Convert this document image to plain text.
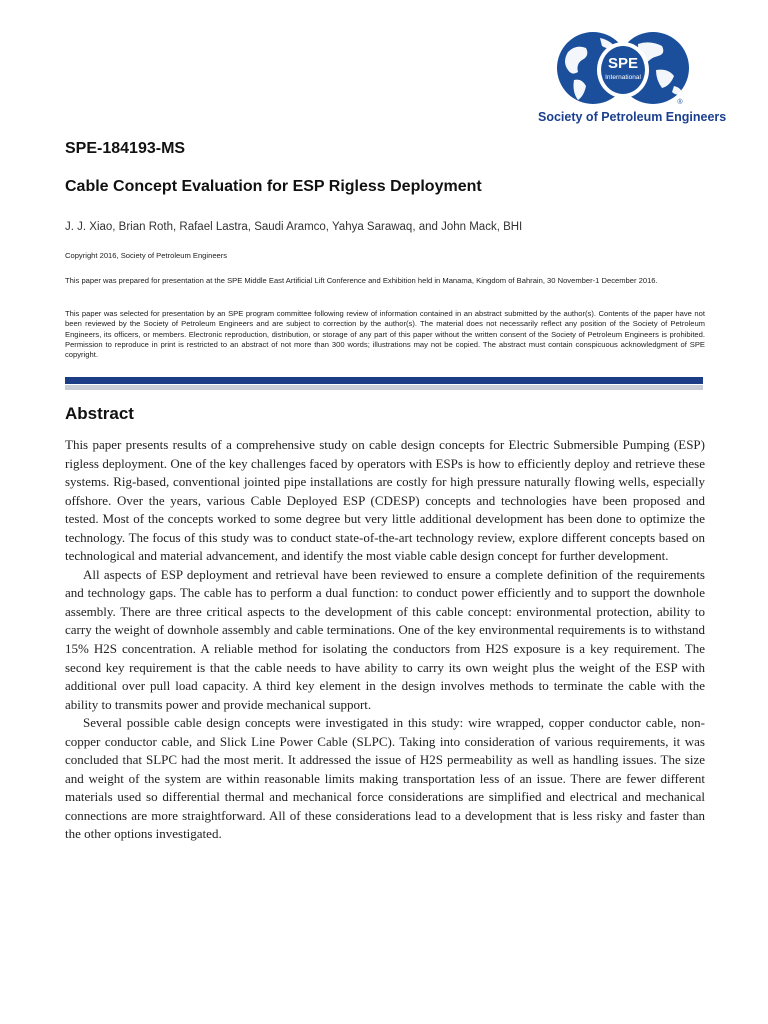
SPE
International
®
Society of Petroleum Engineers
SPE-184193-MS
Cable Concept Evaluation for ESP Rigless Deployment
J. J. Xiao, Brian Roth, Rafael Lastra, Saudi Aramco, Yahya Sarawaq, and John Mack, BHI
Copyright 2016, Society of Petroleum Engineers
This paper was prepared for presentation at the SPE Middle East Artificial Lift Conference and Exhibition held in Manama, Kingdom of Bahrain, 30 November-1 December 2016.
This paper was selected for presentation by an SPE program committee following review of information contained in an abstract submitted by the author(s). Contents of the paper have not been reviewed by the Society of Petroleum Engineers and are subject to correction by the author(s). The material does not necessarily reflect any position of the Society of Petroleum Engineers, its officers, or members. Electronic reproduction, distribution, or storage of any part of this paper without the written consent of the Society of Petroleum Engineers is prohibited. Permission to reproduce in print is restricted to an abstract of not more than 300 words; illustrations may not be copied. The abstract must contain conspicuous acknowledgment of SPE copyright.
Abstract

This paper presents results of a comprehensive study on cable design concepts for Electric Submersible Pumping (ESP) rigless deployment. One of the key challenges faced by operators with ESPs is how to efficiently deploy and retrieve these systems. Rig-based, conventional jointed pipe installations are costly for high pressure naturally flowing wells, especially offshore. Over the years, various Cable Deployed ESP (CDESP) concepts and technologies have been proposed and tested. Most of the concepts worked to some degree but very little additional development has been done to optimize the technology. The focus of this study was to conduct state-of-the-art technology review, explore different concepts based on technological and material advancement, and identify the most viable cable design concept for further development.

All aspects of ESP deployment and retrieval have been reviewed to ensure a complete definition of the requirements and technology gaps. The cable has to perform a dual function: to conduct power efficiently and to support the downhole assembly. There are three critical aspects to the development of this cable concept: environmental protection, ability to carry the weight of downhole assembly and cable terminations. One of the key environmental requirements is to withstand 15% H2S concentration. A reliable method for isolating the conductors from H2S exposure is a key requirement. The second key requirement is that the cable needs to have ability to carry its own weight plus the weight of the ESP with additional over pull load capacity. A third key element in the design involves methods to terminate the cable with the ability to transmits power and provide mechanical support.

Several possible cable design concepts were investigated in this study: wire wrapped, copper conductor cable, non-copper conductor cable, and Slick Line Power Cable (SLPC). Taking into consideration of various requirements, it was concluded that SLPC had the most merit. It addressed the issue of H2S permeability as well as handling issues. The size and weight of the system are within reasonable limits making transportation less of an issue. There are fewer different materials used so differential thermal and mechanical force considerations are simplified and electrical and mechanical connections are more straightforward. All of these considerations lead to a development that is less risky and faster than the other options investigated.
